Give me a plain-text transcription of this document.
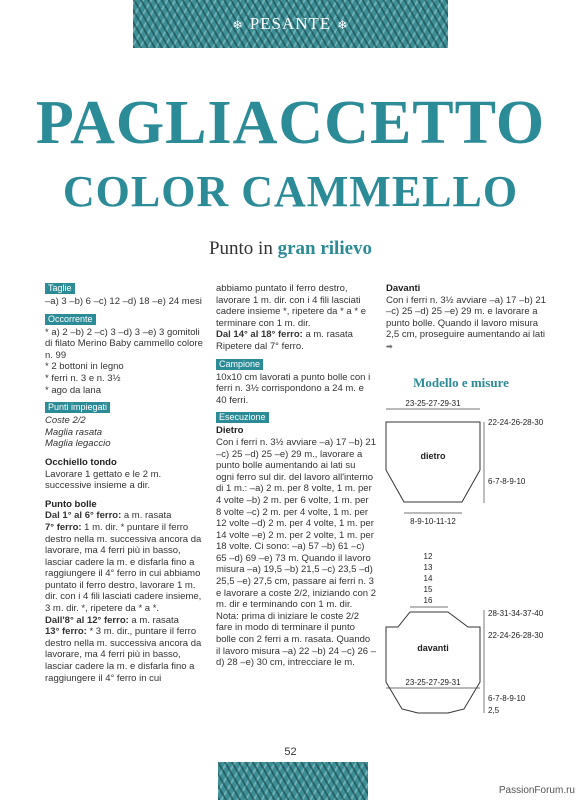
❄ PESANTE ❄
PAGLIACCETTO
COLOR CAMMELLO
Punto in gran rilievo
Taglie

–a) 3 –b) 6 –c) 12 –d) 18 –e) 24 mesi

Occorrente

* a) 2 –b) 2 –c) 3 –d) 3 –e) 3 gomitoli di filato Merino Baby cammello colore n. 99

* 2 bottoni in legno

* ferri n. 3 e n. 3½

* ago da lana

Punti impiegati

Coste 2/2

Maglia rasata

Maglia legaccio

Occhiello tondo

Lavorare 1 gettato e le 2 m. successive insieme a dir.

Punto bolle

Dal 1° al 6° ferro: a m. rasata

7° ferro: 1 m. dir. * puntare il ferro destro nella m. successiva ancora da lavorare, ma 4 ferri più in basso, lasciar cadere la m. e disfarla fino a raggiungere il 4° ferro in cui abbiamo puntato il ferro destro, lavorare 1 m. dir. con i 4 fili lasciati cadere insieme, 3 m. dir. *, ripetere da * a *.

Dall'8° al 12° ferro: a m. rasata

13° ferro: * 3 m. dir., puntare il ferro destro nella m. successiva ancora da lavorare, ma 4 ferri più in basso, lasciar cadere la m. e disfarla fino a raggiungere il 4° ferro in cui

abbiamo puntato il ferro destro, lavorare 1 m. dir. con i 4 fili lasciati cadere insieme *, ripetere da * a * e terminare con 1 m. dir.

Dal 14° al 18° ferro: a m. rasata Ripetere dal 7° ferro.

Campione

10x10 cm lavorati a punto bolle con i ferri n. 3½ corrispondono a 24 m. e 40 ferri.

Esecuzione

Dietro

Con i ferri n. 3½ avviare –a) 17 –b) 21 –c) 25 –d) 25 –e) 29 m., lavorare a punto bolle aumentando ai lati su ogni ferro sul dir. del lavoro all'interno di 1 m.: –a) 2 m. per 8 volte, 1 m. per 4 volte –b) 2 m. per 6 volte, 1 m. per 8 volte –c) 2 m. per 4 volte, 1 m. per 12 volte –d) 2 m. per 4 volte, 1 m. per 14 volte –e) 2 m. per 2 volte, 1 m. per 18 volte. Ci sono: –a) 57 –b) 61 –c) 65 –d) 69 –e) 73 m. Quando il lavoro misura –a) 19,5 –b) 21,5 –c) 23,5 –d) 25,5 –e) 27,5 cm, passare ai ferri n. 3 e lavorare a coste 2/2, iniziando con 2 m. dir e terminando con 1 m. dir. Nota: prima di iniziare le coste 2/2 fare in modo di terminare il punto bolle con 2 ferri a m. rasata. Quando il lavoro misura –a) 22 –b) 24 –c) 26 –d) 28 –e) 30 cm, intrecciare le m.

Davanti

Con i ferri n. 3½ avviare –a) 17 –b) 21 –c) 25 –d) 25 –e) 29 m. e lavorare a punto bolle. Quando il lavoro misura 2,5 cm, proseguire aumentando ai lati ➡

Modello e misure
23-25-27-29-31
dietro
22-24-26-28-30
6-7-8-9-10
8-9-10-11-12
12
13
14
15
16
davanti
23-25-27-29-31
28-31-34-37-40
22-24-26-28-30
6-7-8-9-10
2,5
52
PassionForum.ru
